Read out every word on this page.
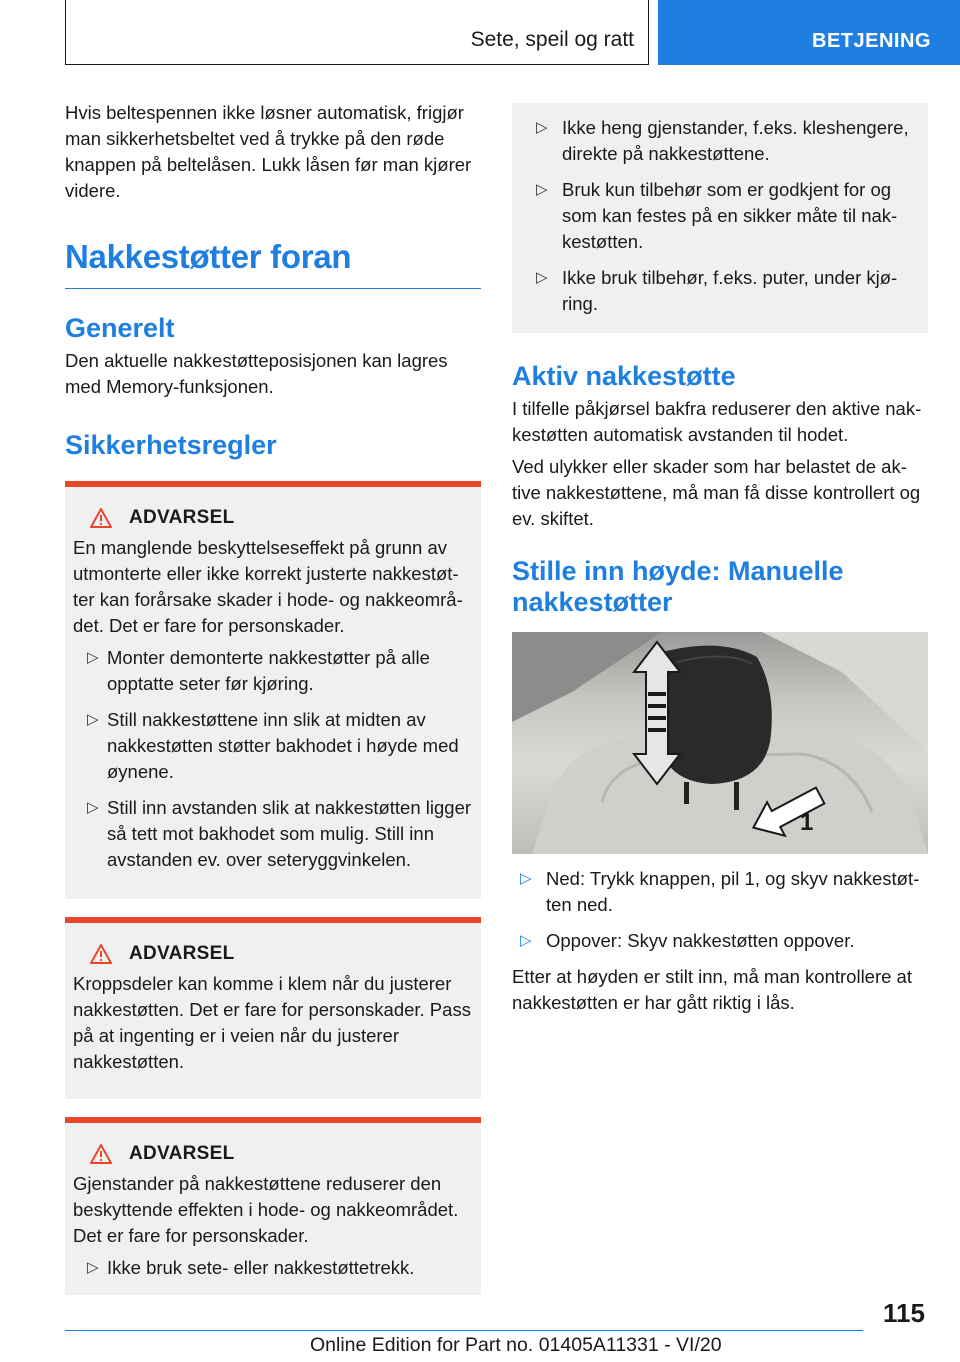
Sete, speil og ratt	BETJENING

Hvis beltespennen ikke løsner automatisk, frigjør man sikkerhetsbeltet ved å trykke på den røde knappen på beltelåsen. Lukk låsen før man kjører videre.

Nakkestøtter foran
Generelt

Den aktuelle nakkestøtteposisjonen kan lagres med Memory-funksjonen.

Sikkerhetsregler
ADVARSEL

En manglende beskyttelseseffekt på grunn av utmonterte eller ikke korrekt justerte nakkestøtter kan forårsake skader i hode- og nakkeområdet. Det er fare for personskader.

▷ Monter demonterte nakkestøtter på alle opptatte seter før kjøring.
▷ Still nakkestøttene inn slik at midten av nakkestøtten støtter bakhodet i høyde med øynene.
▷ Still inn avstanden slik at nakkestøtten ligger så tett mot bakhodet som mulig. Still inn avstanden ev. over seteryggvinkelen.
ADVARSEL

Kroppsdeler kan komme i klem når du justerer nakkestøtten. Det er fare for personskader. Pass på at ingenting er i veien når du justerer nakkestøtten.

ADVARSEL

Gjenstander på nakkestøttene reduserer den beskyttende effekten i hode- og nakkeområdet. Det er fare for personskader.

▷ Ikke bruk sete- eller nakkestøttetrekk.
▷ Ikke heng gjenstander, f.eks. kleshengere, direkte på nakkestøttene.
▷ Bruk kun tilbehør som er godkjent for og som kan festes på en sikker måte til nakkestøtten.
▷ Ikke bruk tilbehør, f.eks. puter, under kjøring.
Aktiv nakkestøtte

I tilfelle påkjørsel bakfra reduserer den aktive nakkestøtten automatisk avstanden til hodet.

Ved ulykker eller skader som har belastet de aktive nakkestøttene, må man få disse kontrollert og ev. skiftet.

Stille inn høyde: Manuelle nakkestøtter
1
▷ Ned: Trykk knappen, pil 1, og skyv nakkestøtten ned.
▷ Oppover: Skyv nakkestøtten oppover.

Etter at høyden er stilt inn, må man kontrollere at nakkestøtten er har gått riktig i lås.

115
Online Edition for Part no. 01405A11331 - VI/20
